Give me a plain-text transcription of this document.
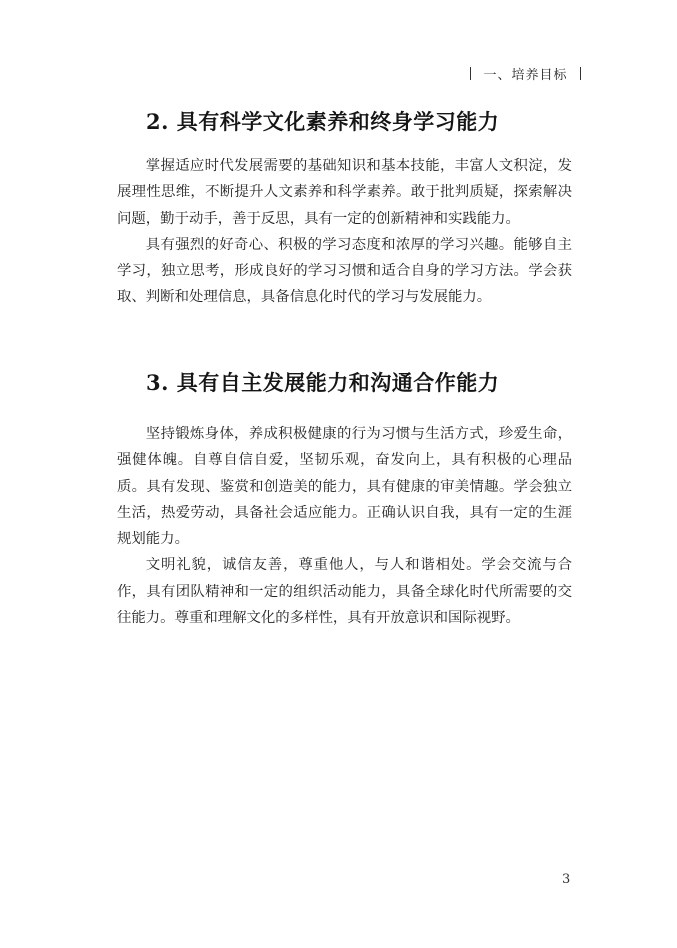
一、培养目标
2. 具有科学文化素养和终身学习能力

掌握适应时代发展需要的基础知识和基本技能，丰富人文积淀，发展理性思维，不断提升人文素养和科学素养。敢于批判质疑，探索解决问题，勤于动手，善于反思，具有一定的创新精神和实践能力。

具有强烈的好奇心、积极的学习态度和浓厚的学习兴趣。能够自主学习，独立思考，形成良好的学习习惯和适合自身的学习方法。学会获取、判断和处理信息，具备信息化时代的学习与发展能力。

3. 具有自主发展能力和沟通合作能力

坚持锻炼身体，养成积极健康的行为习惯与生活方式，珍爱生命，强健体魄。自尊自信自爱，坚韧乐观，奋发向上，具有积极的心理品质。具有发现、鉴赏和创造美的能力，具有健康的审美情趣。学会独立生活，热爱劳动，具备社会适应能力。正确认识自我，具有一定的生涯规划能力。

文明礼貌，诚信友善，尊重他人，与人和谐相处。学会交流与合作，具有团队精神和一定的组织活动能力，具备全球化时代所需要的交往能力。尊重和理解文化的多样性，具有开放意识和国际视野。

3
